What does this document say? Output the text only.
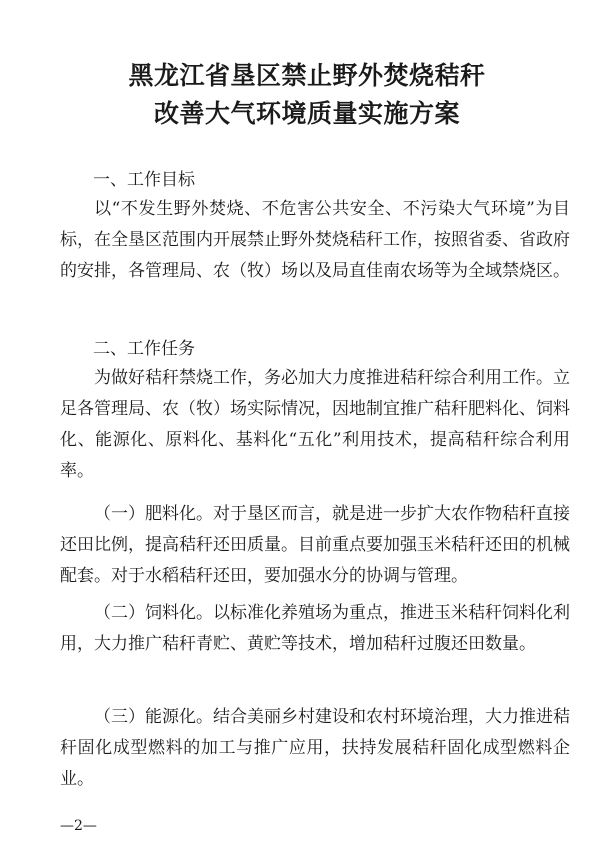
黑龙江省垦区禁止野外焚烧秸秆
改善大气环境质量实施方案
一、工作目标
以“不发生野外焚烧、不危害公共安全、不污染大气环境”为目标，在全垦区范围内开展禁止野外焚烧秸秆工作，按照省委、省政府的安排，各管理局、农（牧）场以及局直佳南农场等为全域禁烧区。
二、工作任务
为做好秸秆禁烧工作，务必加大力度推进秸秆综合利用工作。立足各管理局、农（牧）场实际情况，因地制宜推广秸秆肥料化、饲料化、能源化、原料化、基料化“五化”利用技术，提高秸秆综合利用率。
（一）肥料化。对于垦区而言，就是进一步扩大农作物秸秆直接还田比例，提高秸秆还田质量。目前重点要加强玉米秸秆还田的机械配套。对于水稻秸秆还田，要加强水分的协调与管理。
（二）饲料化。以标准化养殖场为重点，推进玉米秸秆饲料化利用，大力推广秸秆青贮、黄贮等技术，增加秸秆过腹还田数量。
（三）能源化。结合美丽乡村建设和农村环境治理，大力推进秸秆固化成型燃料的加工与推广应用，扶持发展秸秆固化成型燃料企业。
—2—
